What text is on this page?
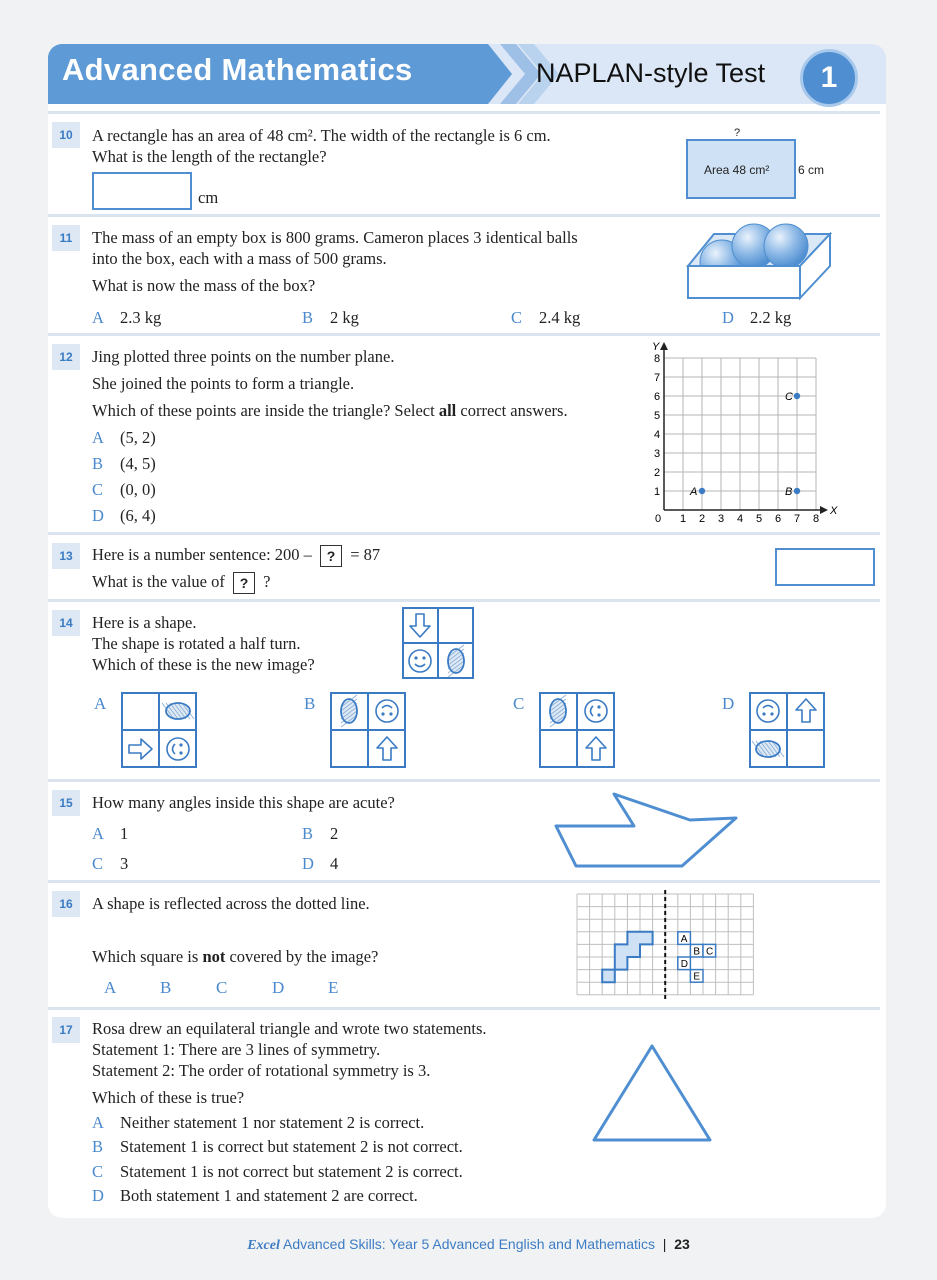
Advanced Mathematics	NAPLAN-style Test	1
10	A rectangle has an area of 48 cm². The width of the rectangle is 6 cm.
What is the length of the rectangle?
cm
?
Area 48 cm² 6 cm
11	The mass of an empty box is 800 grams. Cameron places 3 identical balls
into the box, each with a mass of 500 grams.
What is now the mass of the box?
A 2.3 kg	B 2 kg	C 2.4 kg	D 2.2 kg
12	Jing plotted three points on the number plane.
She joined the points to form a triangle.
Which of these points are inside the triangle? Select all correct answers.
A (5, 2)
B (4, 5)
C (0, 0)
D (6, 4)	X
Y
0 1 2 3 4 5 6 7 8
1
2
3
4
5
6
7
8
A	B
C
13	Here is a number sentence: 200 – ? = 87
What is the value of ? ?
14	Here is a shape.
The shape is rotated a half turn.
Which of these is the new image?
A	B	C	D
15	How many angles inside this shape are acute?
A 1	B 2
C 3	D 4
16	A shape is reflected across the dotted line.
Which square is not covered by the image?
A	B	C	D	E
A
B C
D
E
17	Rosa drew an equilateral triangle and wrote two statements.
Statement 1: There are 3 lines of symmetry.
Statement 2: The order of rotational symmetry is 3.
Which of these is true?
A Neither statement 1 nor statement 2 is correct.
B Statement 1 is correct but statement 2 is not correct.
C Statement 1 is not correct but statement 2 is correct.
D Both statement 1 and statement 2 are correct.
Excel Advanced Skills: Year 5 Advanced English and Mathematics | 23
